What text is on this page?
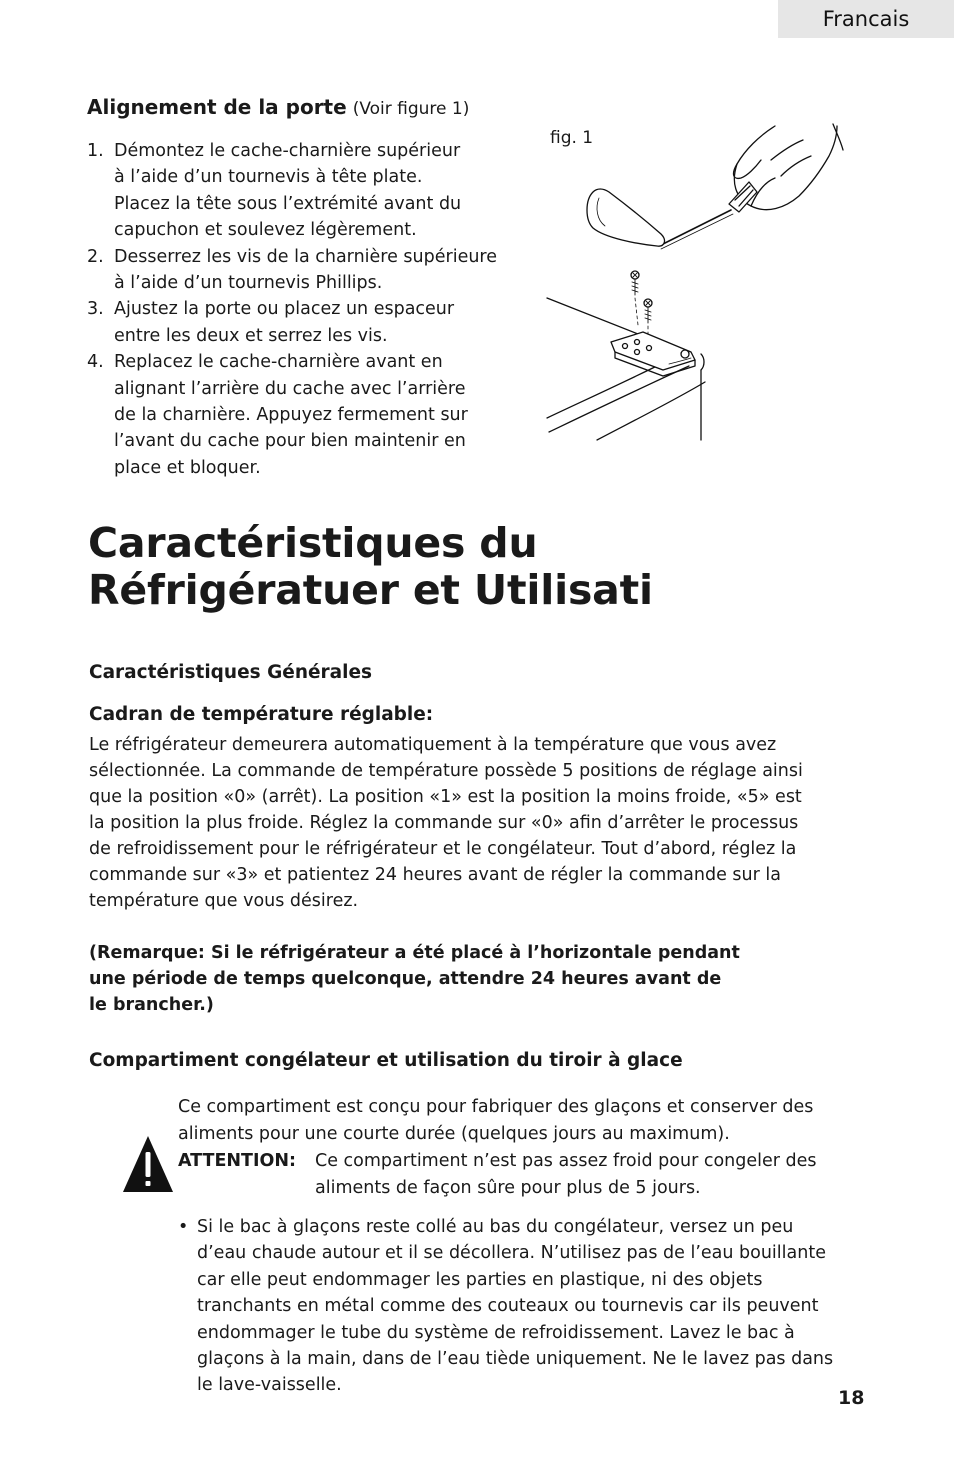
Francais
Alignement de la porte (Voir figure 1)
1. Démontez le cache-charnière supérieur
à l’aide d’un tournevis à tête plate.
Placez la tête sous l’extrémité avant du
capuchon et soulevez légèrement.
2. Desserrez les vis de la charnière supérieure
à l’aide d’un tournevis Phillips.
3. Ajustez la porte ou placez un espaceur
entre les deux et serrez les vis.
4. Replacez le cache-charnière avant en
alignant l’arrière du cache avec l’arrière
de la charnière. Appuyez fermement sur
l’avant du cache pour bien maintenir en
place et bloquer.
fig. 1
Caractéristiques du
Réfrigératuer et Utilisati
Caractéristiques Générales
Cadran de température réglable:

Le réfrigérateur demeurera automatiquement à la température que vous avez
sélectionnée. La commande de température possède 5 positions de réglage ainsi
que la position «0» (arrêt). La position «1» est la position la moins froide, «5» est
la position la plus froide. Réglez la commande sur «0» afin d’arrêter le processus
de refroidissement pour le réfrigérateur et le congélateur. Tout d’abord, réglez la
commande sur «3» et patientez 24 heures avant de régler la commande sur la
température que vous désirez.

(Remarque: Si le réfrigérateur a été placé à l’horizontale pendant
une période de temps quelconque, attendre 24 heures avant de
le brancher.)

Compartiment congélateur et utilisation du tiroir à glace

Ce compartiment est conçu pour fabriquer des glaçons et conserver des
aliments pour une courte durée (quelques jours au maximum).

ATTENTION: Ce compartiment n’est pas assez froid pour congeler des
aliments de façon sûre pour plus de 5 jours.

• Si le bac à glaçons reste collé au bas du congélateur, versez un peu
d’eau chaude autour et il se décollera. N’utilisez pas de l’eau bouillante
car elle peut endommager les parties en plastique, ni des objets
tranchants en métal comme des couteaux ou tournevis car ils peuvent
endommager le tube du système de refroidissement. Lavez le bac à
glaçons à la main, dans de l’eau tiède uniquement. Ne le lavez pas dans
le lave-vaisselle.

18
